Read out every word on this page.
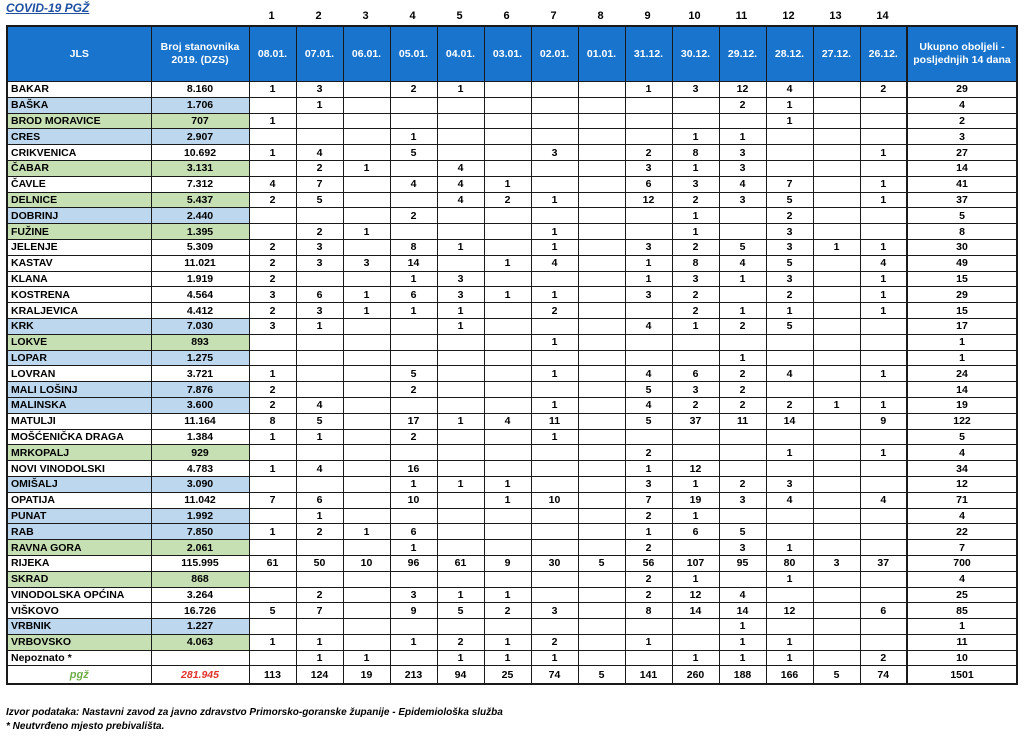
COVID-19 PGŽ
		1	2	3	4	5	6	7	8	9	10	11	12	13	14	
JLS	Broj stanovnika 2019. (DZS)	08.01.	07.01.	06.01.	05.01.	04.01.	03.01.	02.01.	01.01.	31.12.	30.12.	29.12.	28.12.	27.12.	26.12.	Ukupno oboljeli - posljednjih 14 dana
BAKAR	8.160	1	3		2	1				1	3	12	4		2	29
BAŠKA	1.706		1									2	1			4
BROD MORAVICE	707	1											1			2
CRES	2.907				1						1	1				3
CRIKVENICA	10.692	1	4		5			3		2	8	3			1	27
ČABAR	3.131		2	1		4				3	1	3				14
ČAVLE	7.312	4	7		4	4	1			6	3	4	7		1	41
DELNICE	5.437	2	5			4	2	1		12	2	3	5		1	37
DOBRINJ	2.440				2						1		2			5
FUŽINE	1.395		2	1				1			1		3			8
JELENJE	5.309	2	3		8	1		1		3	2	5	3	1	1	30
KASTAV	11.021	2	3	3	14		1	4		1	8	4	5		4	49
KLANA	1.919	2			1	3				1	3	1	3		1	15
KOSTRENA	4.564	3	6	1	6	3	1	1		3	2		2		1	29
KRALJEVICA	4.412	2	3	1	1	1		2			2	1	1		1	15
KRK	7.030	3	1			1				4	1	2	5			17
LOKVE	893							1								1
LOPAR	1.275											1				1
LOVRAN	3.721	1			5			1		4	6	2	4		1	24
MALI LOŠINJ	7.876	2			2					5	3	2				14
MALINSKA	3.600	2	4					1		4	2	2	2	1	1	19
MATULJI	11.164	8	5		17	1	4	11		5	37	11	14		9	122
MOŠĆENIČKA DRAGA	1.384	1	1		2			1								5
MRKOPALJ	929									2			1		1	4
NOVI VINODOLSKI	4.783	1	4		16					1	12					34
OMIŠALJ	3.090				1	1	1			3	1	2	3			12
OPATIJA	11.042	7	6		10		1	10		7	19	3	4		4	71
PUNAT	1.992		1							2	1					4
RAB	7.850	1	2	1	6					1	6	5				22
RAVNA GORA	2.061				1					2		3	1			7
RIJEKA	115.995	61	50	10	96	61	9	30	5	56	107	95	80	3	37	700
SKRAD	868									2	1		1			4
VINODOLSKA OPĆINA	3.264		2		3	1	1			2	12	4				25
VIŠKOVO	16.726	5	7		9	5	2	3		8	14	14	12		6	85
VRBNIK	1.227											1				1
VRBOVSKO	4.063	1	1		1	2	1	2		1		1	1			11
Nepoznato *			1	1		1	1	1			1	1	1		2	10
pgž	281.945	113	124	19	213	94	25	74	5	141	260	188	166	5	74	1501
Izvor podataka: Nastavni zavod za javno zdravstvo Primorsko-goranske županije - Epidemiološka služba
* Neutvrđeno mjesto prebivališta.
